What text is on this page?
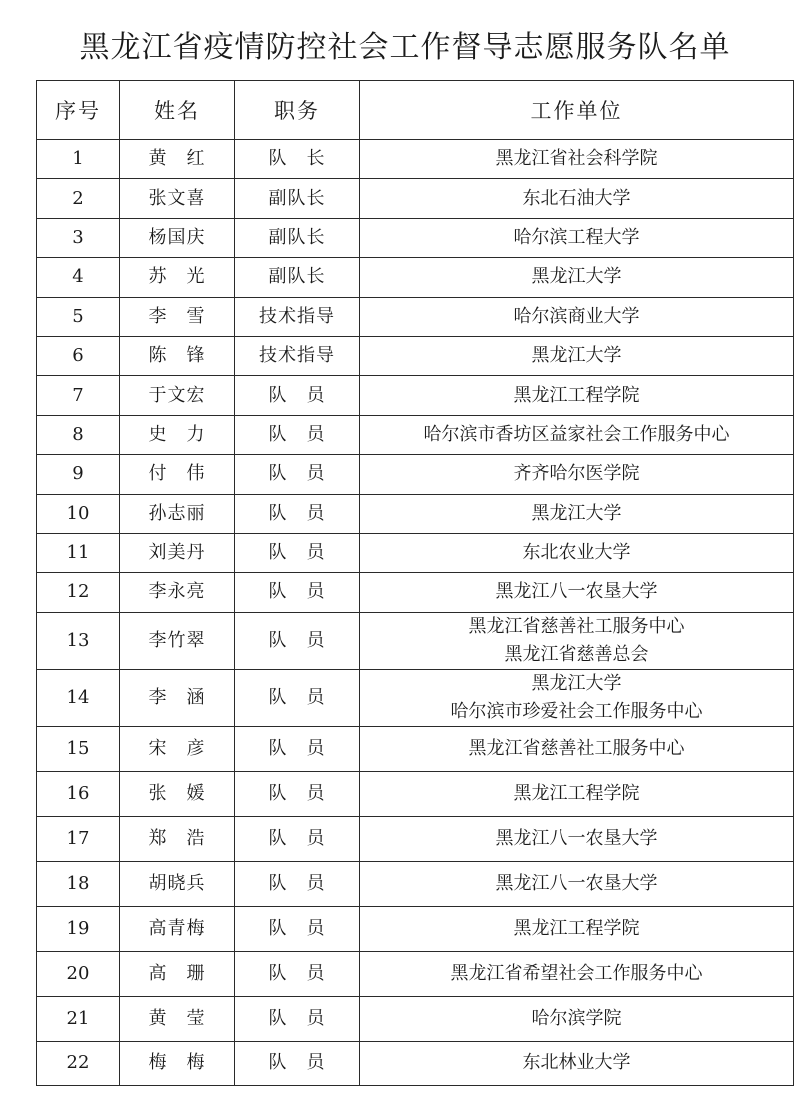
黑龙江省疫情防控社会工作督导志愿服务队名单
序号	姓名	职务	工作单位
1	黄　红	队　长	黑龙江省社会科学院

2	张文喜	副队长	东北石油大学

3	杨国庆	副队长	哈尔滨工程大学

4	苏　光	副队长	黑龙江大学

5	李　雪	技术指导	哈尔滨商业大学

6	陈　锋	技术指导	黑龙江大学

7	于文宏	队　员	黑龙江工程学院

8	史　力	队　员	哈尔滨市香坊区益家社会工作服务中心

9	付　伟	队　员	齐齐哈尔医学院

10	孙志丽	队　员	黑龙江大学

11	刘美丹	队　员	东北农业大学

12	李永亮	队　员	黑龙江八一农垦大学

13	李竹翠	队　员	黑龙江省慈善社工服务中心
黑龙江省慈善总会

14	李　涵	队　员	黑龙江大学
哈尔滨市珍爱社会工作服务中心

15	宋　彦	队　员	黑龙江省慈善社工服务中心

16	张　媛	队　员	黑龙江工程学院

17	郑　浩	队　员	黑龙江八一农垦大学

18	胡晓兵	队　员	黑龙江八一农垦大学

19	高青梅	队　员	黑龙江工程学院

20	高　珊	队　员	黑龙江省希望社会工作服务中心

21	黄　莹	队　员	哈尔滨学院

22	梅　梅	队　员	东北林业大学
